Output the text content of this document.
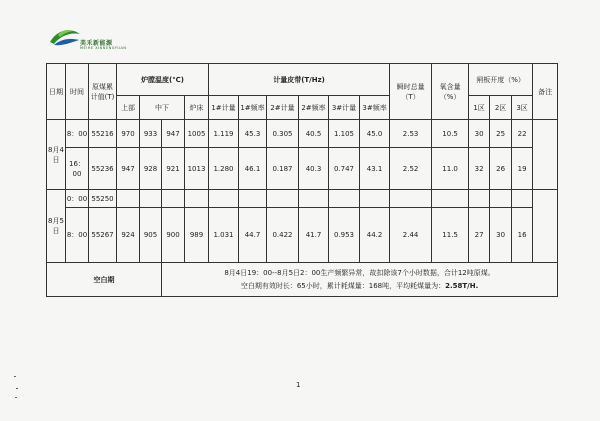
美禾新能源
MEIHE XINNENGYUAN
日期	时间	原煤累计值(T)	炉膛温度(℃)				计量皮带(T/Hz)						瞬时总量（T）	氧含量（%）	闸板开度（%）			备注
			上部	中下		炉床	1#计量	1#频率	2#计量	2#频率	3#计量	3#频率			1区	2区	3区	
8月4日	8：00	55216	970	933	947	1005	1.119	45.3	0.305	40.5	1.105	45.0	2.53	10.5	30	25	22	
	16：00	55236	947	928	921	1013	1.280	46.1	0.187	40.3	0.747	43.1	2.52	11.0	32	26	19	
8月5日	0：00	55250																
	8：00	55267	924	905	900	989	1.031	44.7	0.422	41.7	0.953	44.2	2.44	11.5	27	30	16	
空白期					8月4日19：00--8月5日2：00生产频繁异常，故扣除该7个小时数据，合计12吨原煤。
空白期有效时长：65小时，累计耗煤量：168吨，平均耗煤量为：2.58T/H.													
1
